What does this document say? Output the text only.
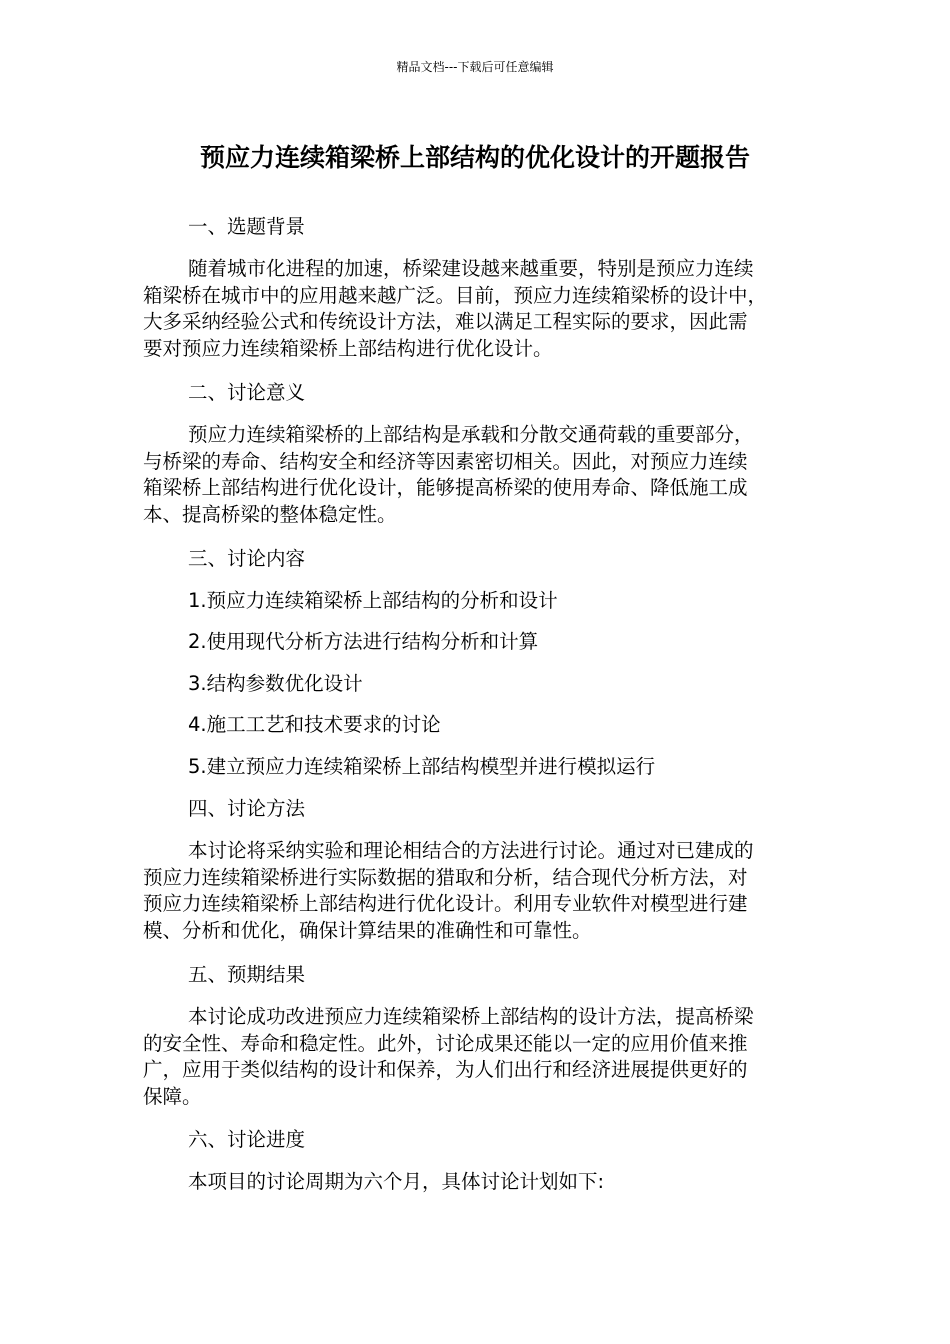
精品文档---下载后可任意编辑
预应力连续箱梁桥上部结构的优化设计的开题报告
一、选题背景
随着城市化进程的加速，桥梁建设越来越重要，特别是预应力连续
箱梁桥在城市中的应用越来越广泛。目前，预应力连续箱梁桥的设计中，
大多采纳经验公式和传统设计方法，难以满足工程实际的要求，因此需
要对预应力连续箱梁桥上部结构进行优化设计。
二、讨论意义
预应力连续箱梁桥的上部结构是承载和分散交通荷载的重要部分，
与桥梁的寿命、结构安全和经济等因素密切相关。因此，对预应力连续
箱梁桥上部结构进行优化设计，能够提高桥梁的使用寿命、降低施工成
本、提高桥梁的整体稳定性。
三、讨论内容
1.预应力连续箱梁桥上部结构的分析和设计
2.使用现代分析方法进行结构分析和计算
3.结构参数优化设计
4.施工工艺和技术要求的讨论
5.建立预应力连续箱梁桥上部结构模型并进行模拟运行
四、讨论方法
本讨论将采纳实验和理论相结合的方法进行讨论。通过对已建成的
预应力连续箱梁桥进行实际数据的猎取和分析，结合现代分析方法，对
预应力连续箱梁桥上部结构进行优化设计。利用专业软件对模型进行建
模、分析和优化，确保计算结果的准确性和可靠性。
五、预期结果
本讨论成功改进预应力连续箱梁桥上部结构的设计方法，提高桥梁
的安全性、寿命和稳定性。此外，讨论成果还能以一定的应用价值来推
广，应用于类似结构的设计和保养，为人们出行和经济进展提供更好的
保障。
六、讨论进度
本项目的讨论周期为六个月，具体讨论计划如下:
